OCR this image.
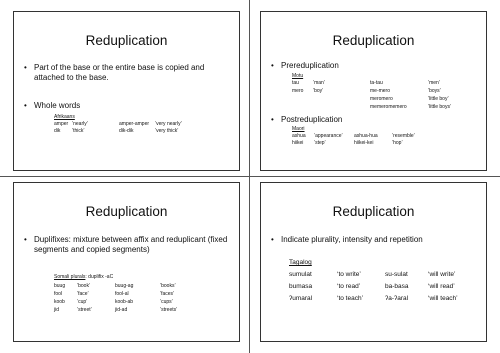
Reduplication
• Part of the base or the entire base is copied and attached to the base.
• Whole words
Afrikaans
amper ‘nearly’	amper-amper ‘very nearly’
dik ‘thick’	dik-dik	‘very thick’
Reduplication
• Prereduplication
Motu
tau	‘man’	ta-tau	‘men’
mero ‘boy’	me-mero	‘boys’
meromero	‘little boy’
memeromemero	‘little boys’
• Postreduplication
Maori
ashua ‘appearance’ ashua-hua	‘resemble’
hiikei ‘step’	hiikei-kei	‘hop’
Reduplication
• Duplifixes: mixture between affix and reduplicant (fixed segments and copied segments)
Somali plurals: duplifix -aC
buug ‘book’	buug-ag	‘books’
fool	‘face’	fool-al	‘faces’
koob ‘cup’	koob-ab	‘cups’
jid	‘street’	jid-ad	‘streets’
Reduplication
• Indicate plurality, intensity and repetition
Tagalog
sumulat	‘to write’	su-sulat	‘will write’
bumasa	‘to read’	ba-basa	‘will read’
ʔumaral	‘to teach’	ʔa-ʔaral	‘will teach’
